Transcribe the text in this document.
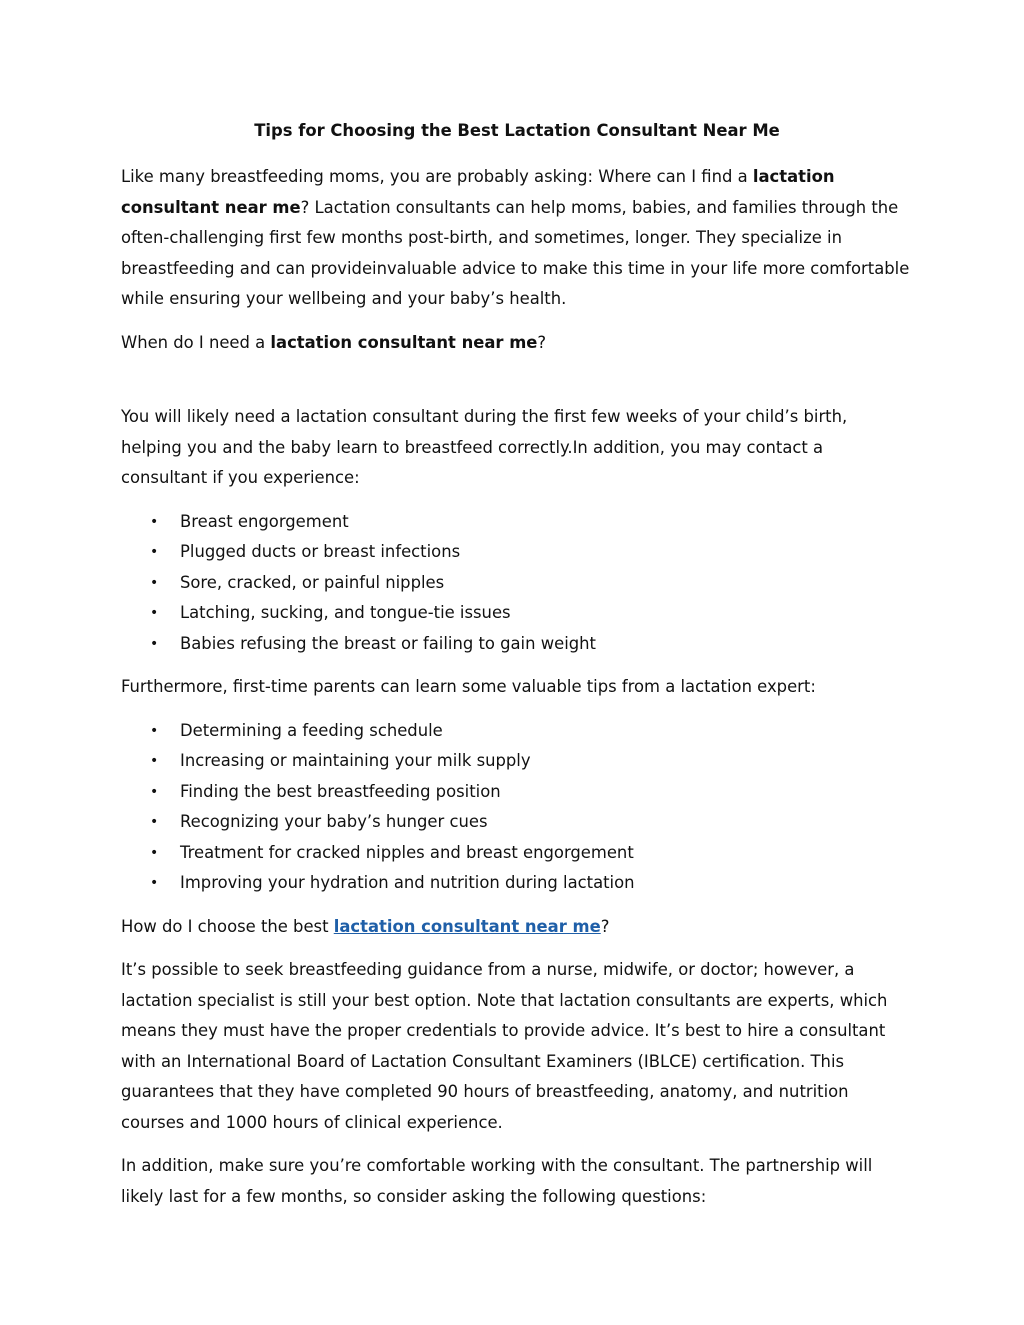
Tips for Choosing the Best Lactation Consultant Near Me

Like many breastfeeding moms, you are probably asking: Where can I find a lactation consultant near me? Lactation consultants can help moms, babies, and families through the often-challenging first few months post-birth, and sometimes, longer. They specialize in breastfeeding and can provideinvaluable advice to make this time in your life more comfortable while ensuring your wellbeing and your baby’s health.

When do I need a lactation consultant near me?

You will likely need a lactation consultant during the first few weeks of your child’s birth, helping you and the baby learn to breastfeed correctly.In addition, you may contact a consultant if you experience:

• Breast engorgement
• Plugged ducts or breast infections
• Sore, cracked, or painful nipples
• Latching, sucking, and tongue-tie issues
• Babies refusing the breast or failing to gain weight

Furthermore, first-time parents can learn some valuable tips from a lactation expert:

• Determining a feeding schedule
• Increasing or maintaining your milk supply
• Finding the best breastfeeding position
• Recognizing your baby’s hunger cues
• Treatment for cracked nipples and breast engorgement
• Improving your hydration and nutrition during lactation

How do I choose the best lactation consultant near me?

It’s possible to seek breastfeeding guidance from a nurse, midwife, or doctor; however, a lactation specialist is still your best option. Note that lactation consultants are experts, which means they must have the proper credentials to provide advice. It’s best to hire a consultant with an International Board of Lactation Consultant Examiners (IBLCE) certification. This guarantees that they have completed 90 hours of breastfeeding, anatomy, and nutrition courses and 1000 hours of clinical experience.

In addition, make sure you’re comfortable working with the consultant. The partnership will likely last for a few months, so consider asking the following questions:
